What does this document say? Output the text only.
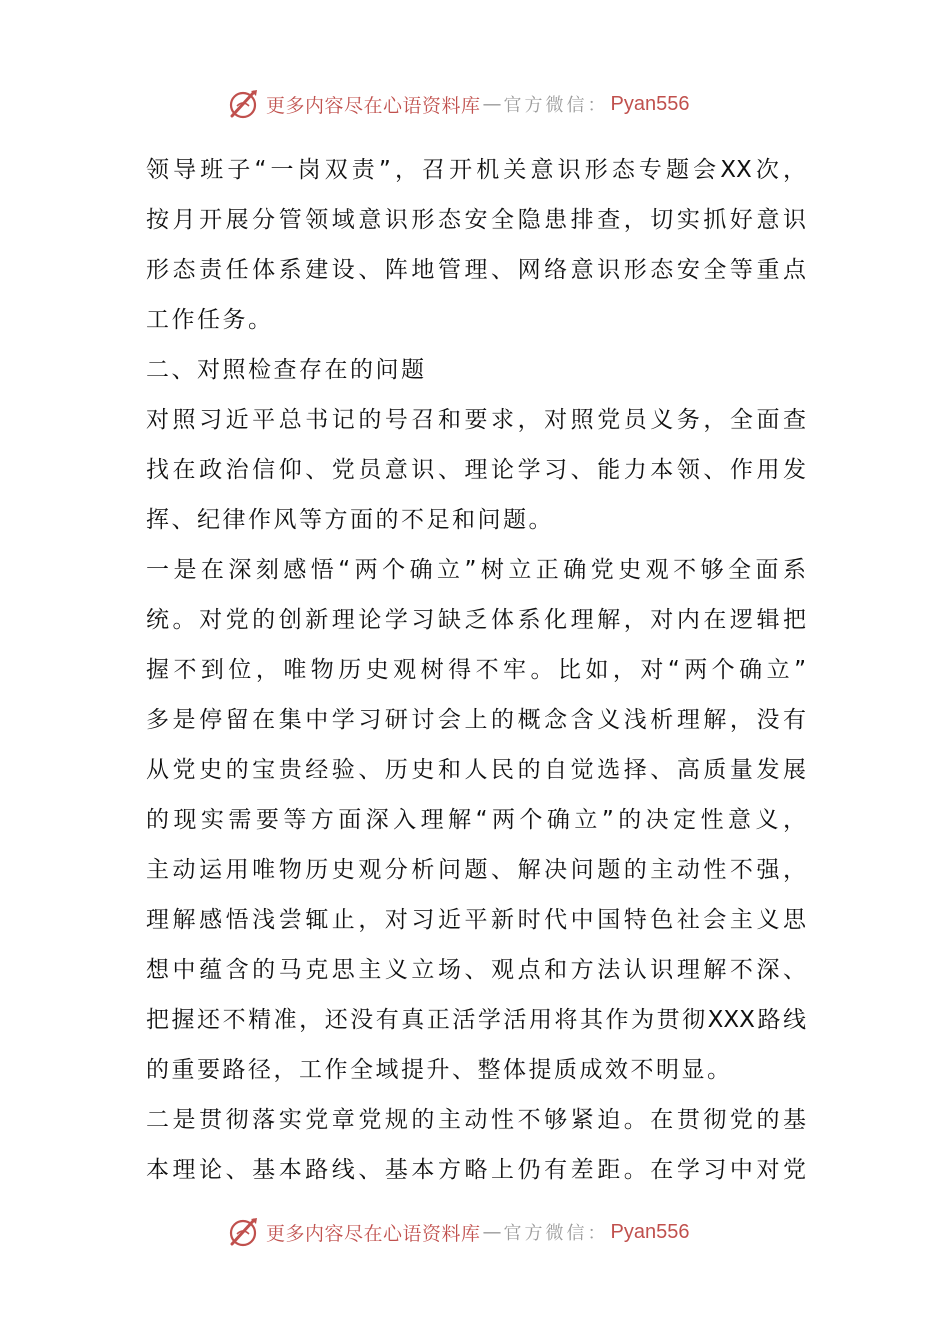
更多内容尽在心语资料库 — 官方微信： Pyan556
领导班子“一岗双责”，召开机关意识形态专题会XX次，
按月开展分管领域意识形态安全隐患排查，切实抓好意识
形态责任体系建设、阵地管理、网络意识形态安全等重点
工作任务。
二、对照检查存在的问题
对照习近平总书记的号召和要求，对照党员义务，全面查
找在政治信仰、党员意识、理论学习、能力本领、作用发
挥、纪律作风等方面的不足和问题。
一是在深刻感悟“两个确立”树立正确党史观不够全面系
统。对党的创新理论学习缺乏体系化理解，对内在逻辑把
握不到位，唯物历史观树得不牢。比如，对“两个确立”
多是停留在集中学习研讨会上的概念含义浅析理解，没有
从党史的宝贵经验、历史和人民的自觉选择、高质量发展
的现实需要等方面深入理解“两个确立”的决定性意义，
主动运用唯物历史观分析问题、解决问题的主动性不强，
理解感悟浅尝辄止，对习近平新时代中国特色社会主义思
想中蕴含的马克思主义立场、观点和方法认识理解不深、
把握还不精准，还没有真正活学活用将其作为贯彻XXX路线
的重要路径，工作全域提升、整体提质成效不明显。
二是贯彻落实党章党规的主动性不够紧迫。在贯彻党的基
本理论、基本路线、基本方略上仍有差距。在学习中对党
更多内容尽在心语资料库 — 官方微信： Pyan556
